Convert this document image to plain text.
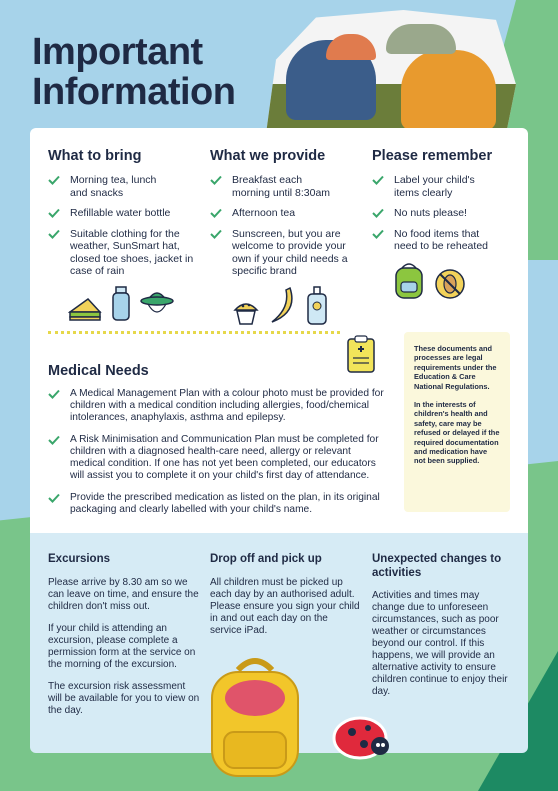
Important
Information
What to bring
Morning tea, lunch and snacks
Refillable water bottle
Suitable clothing for the weather, SunSmart hat, closed toe shoes, jacket in case of rain
What we provide
Breakfast each morning until 8:30am
Afternoon tea
Sunscreen, but you are welcome to provide your own if your child needs a specific brand
Please remember
Label your child's items clearly
No nuts please!
No food items that need to be reheated
Medical Needs
A Medical Management Plan with a colour photo must be provided for children with a medical condition including allergies, food/chemical intolerances, anaphylaxis, asthma and epilepsy.
A Risk Minimisation and Communication Plan must be completed for children with a diagnosed health-care need, allergy or relevant medical condition. If one has not yet been completed, our educators will assist you to complete it on your child's first day of attendance.
Provide the prescribed medication as listed on the plan, in its original packaging and clearly labelled with your child's name.

These documents and processes are legal requirements under the Education & Care National Regulations.

In the interests of children's health and safety, care may be refused or delayed if the required documentation and medication have not been supplied.

Excursions

Please arrive by 8.30 am so we can leave on time, and ensure the children don't miss out.

If your child is attending an excursion, please complete a permission form at the service on the morning of the excursion.

The excursion risk assessment will be available for you to view on the day.

Drop off and pick up

All children must be picked up each day by an authorised adult. Please ensure you sign your child in and out each day on the service iPad.

Unexpected changes to activities

Activities and times may change due to unforeseen circumstances, such as poor weather or circumstances beyond our control. If this happens, we will provide an alternative activity to ensure children continue to enjoy their day.
